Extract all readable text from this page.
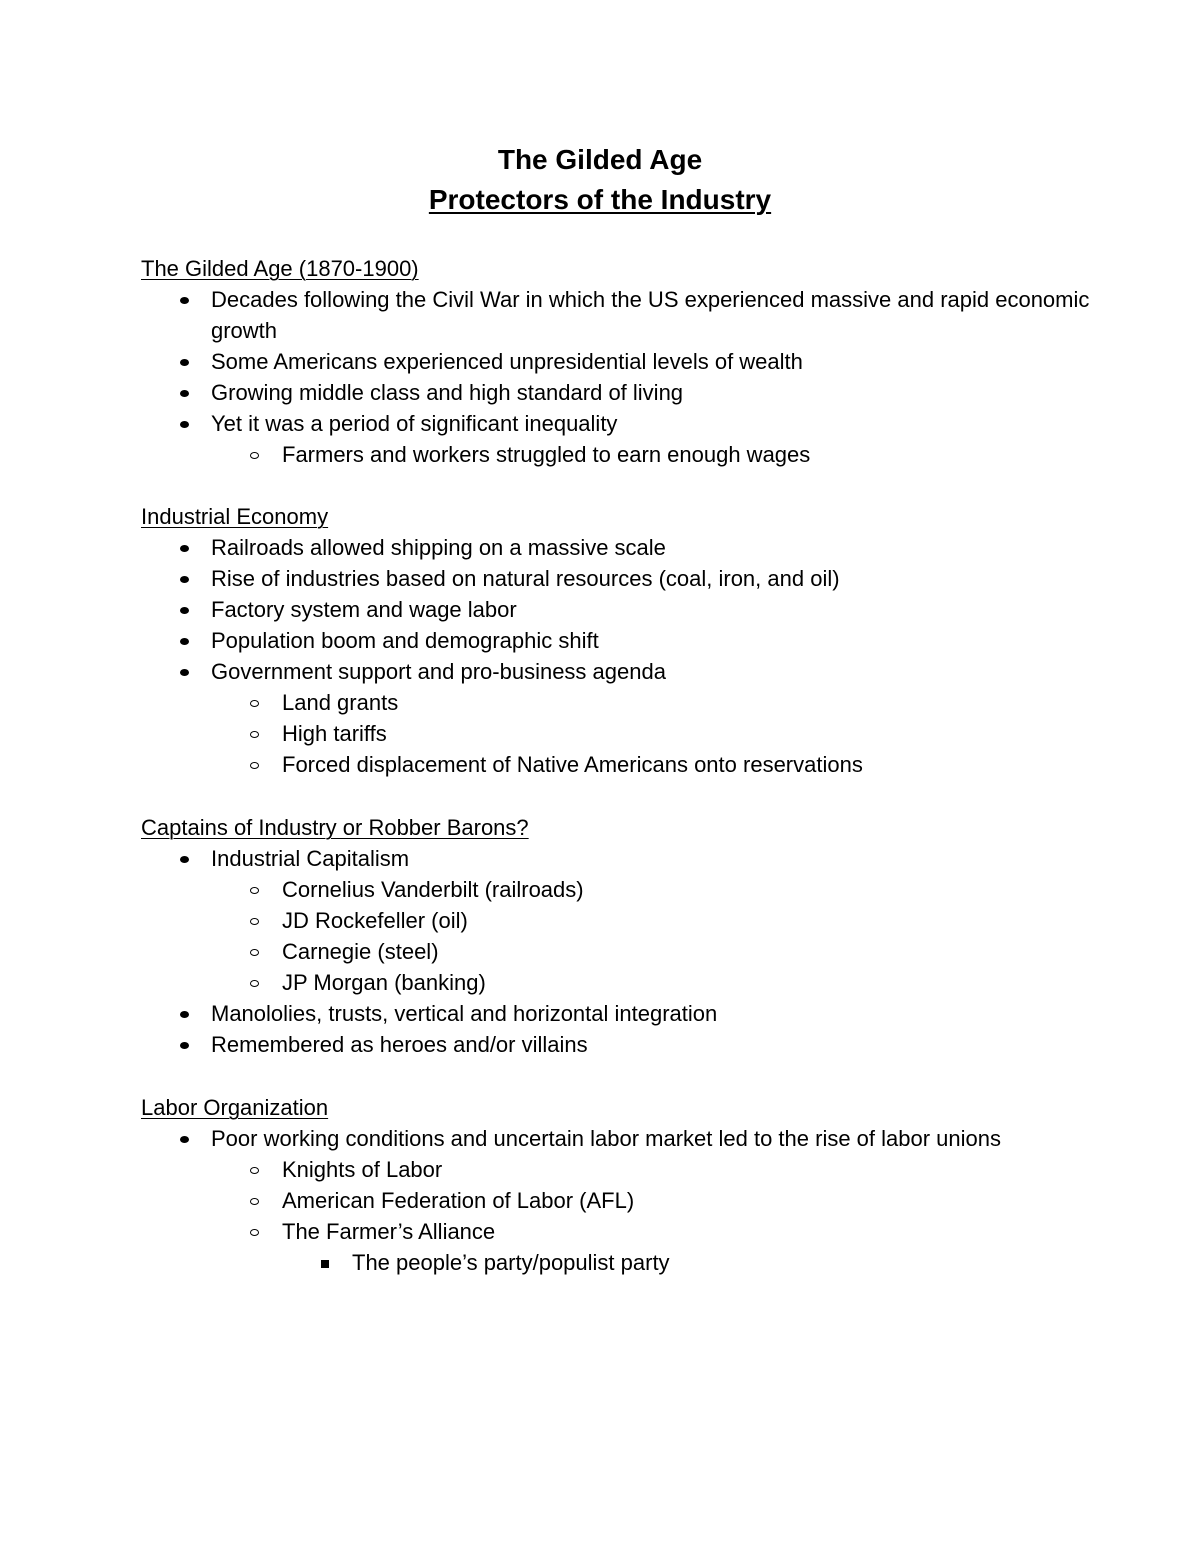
The Gilded Age
Protectors of the Industry
The Gilded Age (1870-1900)
Decades following the Civil War in which the US experienced massive and rapid economic growth
Some Americans experienced unpresidential levels of wealth
Growing middle class and high standard of living
Yet it was a period of significant inequality
Farmers and workers struggled to earn enough wages
Industrial Economy
Railroads allowed shipping on a massive scale
Rise of industries based on natural resources (coal, iron, and oil)
Factory system and wage labor
Population boom and demographic shift
Government support and pro-business agenda
Land grants
High tariffs
Forced displacement of Native Americans onto reservations
Captains of Industry or Robber Barons?
Industrial Capitalism
Cornelius Vanderbilt (railroads)
JD Rockefeller (oil)
Carnegie (steel)
JP Morgan (banking)
Manololies, trusts, vertical and horizontal integration
Remembered as heroes and/or villains
Labor Organization
Poor working conditions and uncertain labor market led to the rise of labor unions
Knights of Labor
American Federation of Labor (AFL)
The Farmer’s Alliance
The people’s party/populist party
